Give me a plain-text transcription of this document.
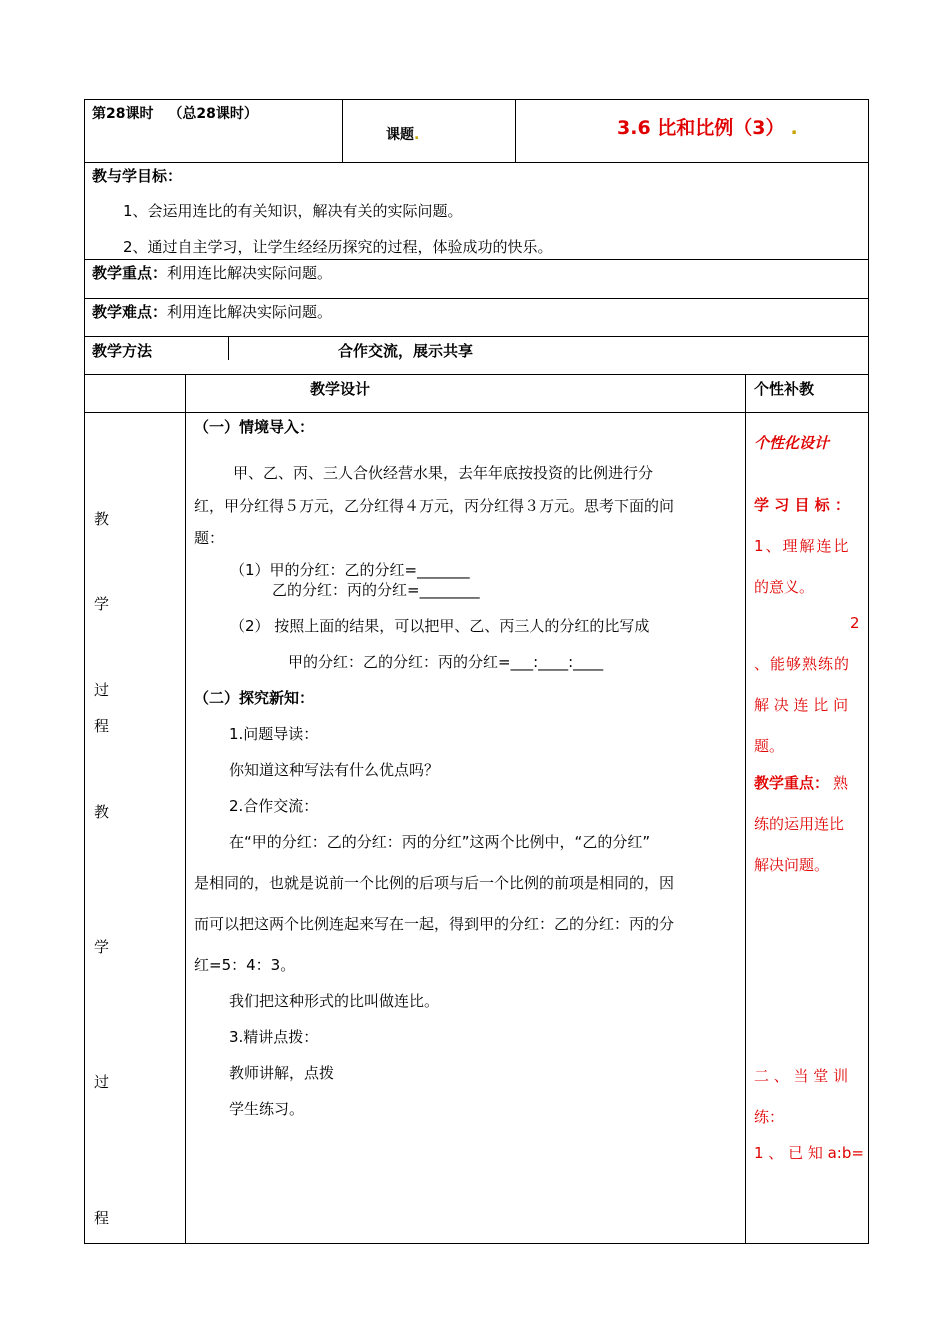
第28课时 （总28课时）
课题.	3.6 比和比例（3） .
教与学目标：
1、会运用连比的有关知识，解决有关的实际问题。
2、通过自主学习，让学生经经历探究的过程，体验成功的快乐。
教学重点：利用连比解决实际问题。
教学难点：利用连比解决实际问题。
教学方法	合作交流，展示共享
教学设计	个性补教
教
学
过
程
教
学
过
程
（一）情境导入：
甲、乙、丙、三人合伙经营水果，去年年底按投资的比例进行分
红，甲分红得５万元，乙分红得４万元，丙分红得３万元。思考下面的问
题：
（1）甲的分红：乙的分红=_______
乙的分红：丙的分红=________
（2） 按照上面的结果，可以把甲、乙、丙三人的分红的比写成
甲的分红：乙的分红：丙的分红=___:____:____
（二）探究新知：
1.问题导读：
你知道这种写法有什么优点吗？
2.合作交流：
在“甲的分红：乙的分红：丙的分红”这两个比例中，“乙的分红”
是相同的，也就是说前一个比例的后项与后一个比例的前项是相同的，因
而可以把这两个比例连起来写在一起，得到甲的分红：乙的分红：丙的分
红=5：4：3。
我们把这种形式的比叫做连比。
3.精讲点拨：
教师讲解，点拨
学生练习。
个性化设计
学 习 目 标 ：
1、理解连比
的意义。
2
、能够熟练的
解 决 连 比 问
题。
教学重点： 熟
练的运用连比
解决问题。
二 、 当 堂 训
练：
1 、 已 知 a:b=
